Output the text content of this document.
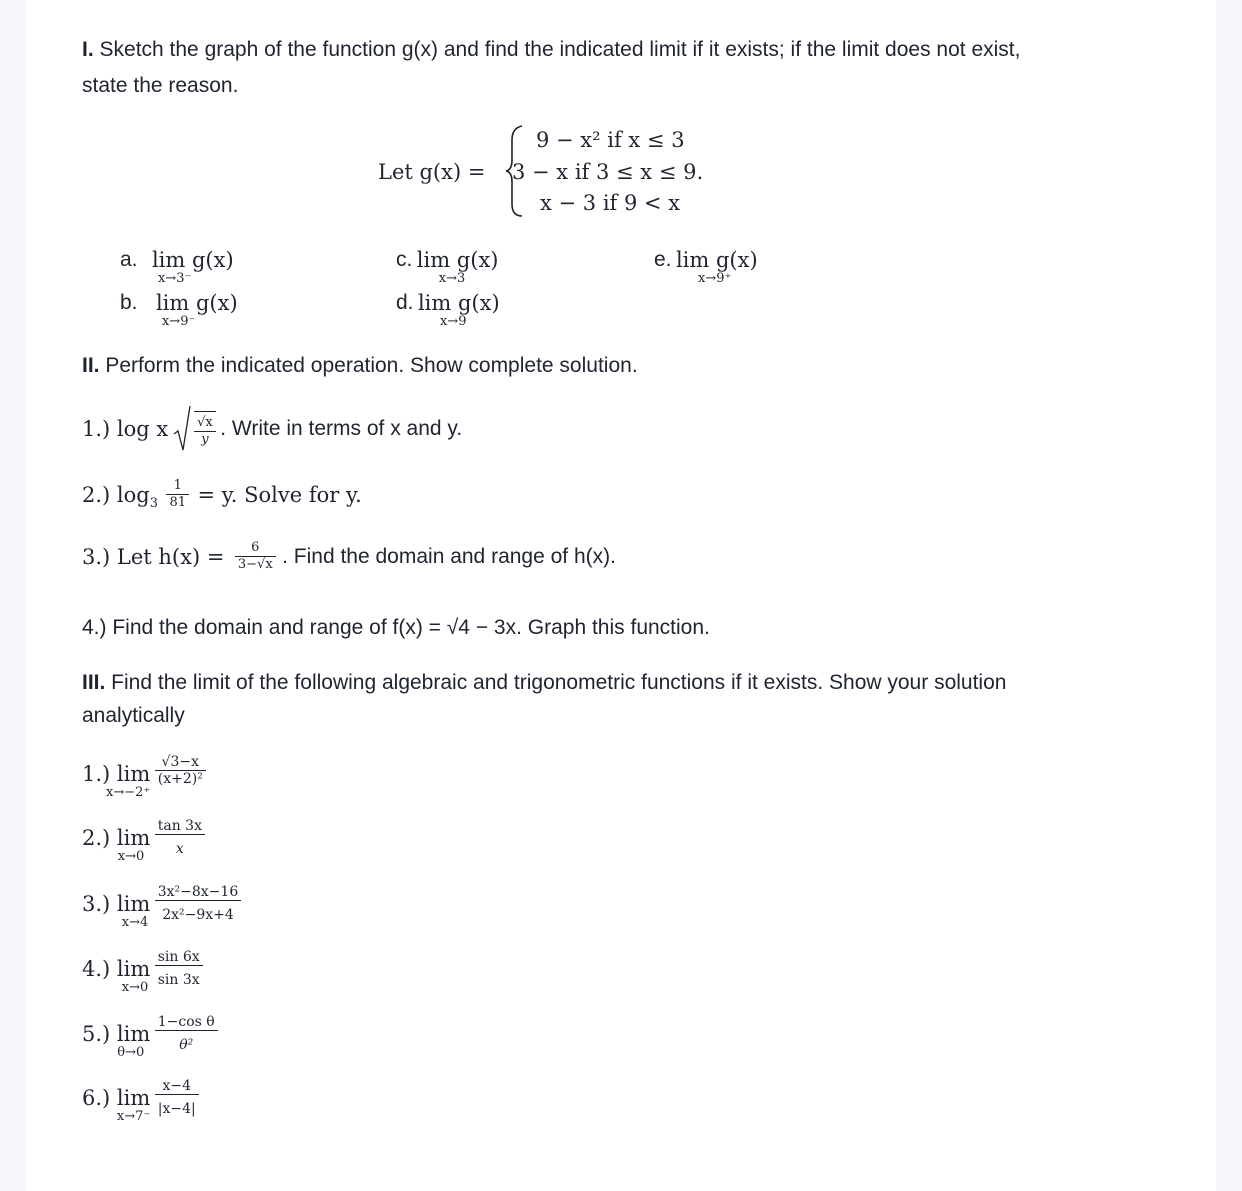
I. Sketch the graph of the function g(x) and find the indicated limit if it exists; if the limit does not exist,
state the reason.
Let g(x) =
9 − x² if x ≤ 3
3 − x if 3 ≤ x ≤ 9.
x − 3 if 9 < x
a. lim g(x)
x→3⁻
b. lim g(x)
x→9⁻
c. lim g(x)
x→3
d. lim g(x)
x→9
e. lim g(x)
x→9⁺
II. Perform the indicated operation. Show complete solution.
1.) log x $\frac{√x}{y}$ . Write in terms of x and y.
2.) $\log_3 \frac{1}{81} = y$. Solve for y.
3.) Let $h(x) = \frac{6}{3-√x}$ . Find the domain and range of h(x).
4.) Find the domain and range of f(x) = √4 − 3x. Graph this function.
III. Find the limit of the following algebraic and trigonometric functions if it exists. Show your solution
analytically
1.) lim
x→−2⁺

$\frac{√3-x}{\text{(x+2)²}}$
2.) lim
x→0
$\frac{\tan 3x}{x}$
3.) lim
x→4
$\frac{\text{3x²−8x−16}}{\text{2x²−9x+4}}$
4.) lim
x→0
$\frac{\sin 6x}{\sin 3x}$
5.) lim
θ→0
$\frac{\text{1−cos θ}}{\text{θ²}}$
6.) lim
x→7⁻
$\frac{x-4}{|x-4|}$
